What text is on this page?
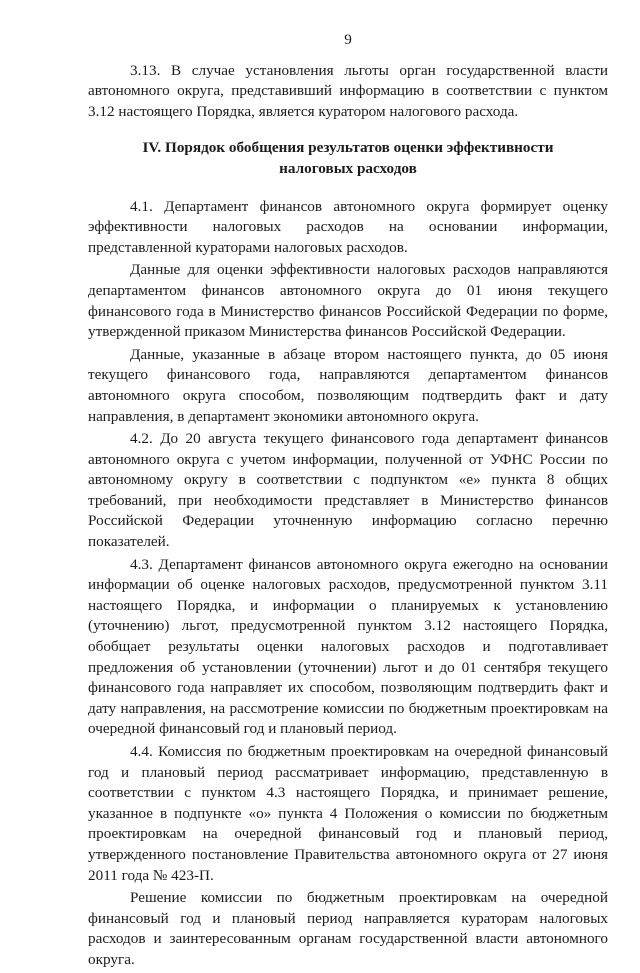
9

3.13. В случае установления льготы орган государственной власти автономного округа, представивший информацию в соответствии с пунктом 3.12 настоящего Порядка, является куратором налогового расхода.

IV. Порядок обобщения результатов оценки эффективности налоговых расходов

4.1. Департамент финансов автономного округа формирует оценку эффективности налоговых расходов на основании информации, представленной кураторами налоговых расходов.

Данные для оценки эффективности налоговых расходов направляются департаментом финансов автономного округа до 01 июня текущего финансового года в Министерство финансов Российской Федерации по форме, утвержденной приказом Министерства финансов Российской Федерации.

Данные, указанные в абзаце втором настоящего пункта, до 05 июня текущего финансового года, направляются департаментом финансов автономного округа способом, позволяющим подтвердить факт и дату направления, в департамент экономики автономного округа.

4.2. До 20 августа текущего финансового года департамент финансов автономного округа с учетом информации, полученной от УФНС России по автономному округу в соответствии с подпунктом «е» пункта 8 общих требований, при необходимости представляет в Министерство финансов Российской Федерации уточненную информацию согласно перечню показателей.

4.3. Департамент финансов автономного округа ежегодно на основании информации об оценке налоговых расходов, предусмотренной пунктом 3.11 настоящего Порядка, и информации о планируемых к установлению (уточнению) льгот, предусмотренной пунктом 3.12 настоящего Порядка, обобщает результаты оценки налоговых расходов и подготавливает предложения об установлении (уточнении) льгот и до 01 сентября текущего финансового года направляет их способом, позволяющим подтвердить факт и дату направления, на рассмотрение комиссии по бюджетным проектировкам на очередной финансовый год и плановый период.

4.4. Комиссия по бюджетным проектировкам на очередной финансовый год и плановый период рассматривает информацию, представленную в соответствии с пунктом 4.3 настоящего Порядка, и принимает решение, указанное в подпункте «о» пункта 4 Положения о комиссии по бюджетным проектировкам на очередной финансовый год и плановый период, утвержденного постановление Правительства автономного округа от 27 июня 2011 года № 423-П.

Решение комиссии по бюджетным проектировкам на очередной финансовый год и плановый период направляется кураторам налоговых расходов и заинтересованным органам государственной власти автономного округа.
